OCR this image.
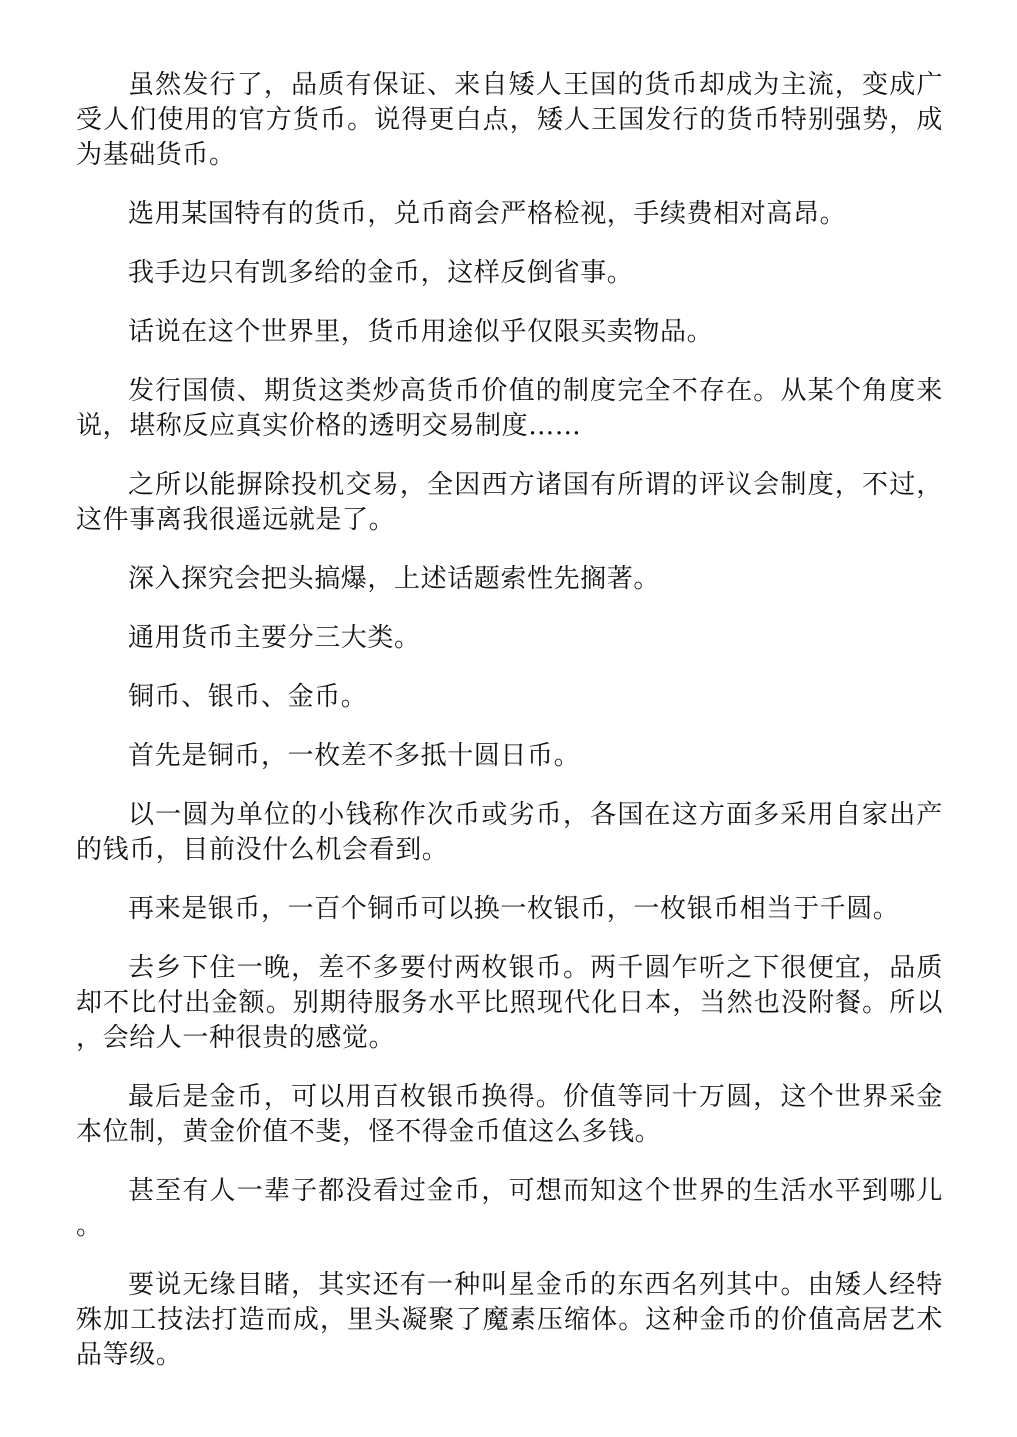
虽然发行了，品质有保证、来自矮人王国的货币却成为主流，变成广受人们使用的官方货币。说得更白点，矮人王国发行的货币特别强势，成为基础货币。

选用某国特有的货币，兑币商会严格检视，手续费相对高昂。

我手边只有凯多给的金币，这样反倒省事。

话说在这个世界里，货币用途似乎仅限买卖物品。

发行国债、期货这类炒高货币价值的制度完全不存在。从某个角度来说，堪称反应真实价格的透明交易制度……

之所以能摒除投机交易，全因西方诸国有所谓的评议会制度，不过，这件事离我很遥远就是了。

深入探究会把头搞爆，上述话题索性先搁著。

通用货币主要分三大类。

铜币、银币、金币。

首先是铜币，一枚差不多抵十圆日币。

以一圆为单位的小钱称作次币或劣币，各国在这方面多采用自家出产的钱币，目前没什么机会看到。

再来是银币，一百个铜币可以换一枚银币，一枚银币相当于千圆。

去乡下住一晚，差不多要付两枚银币。两千圆乍听之下很便宜，品质却不比付出金额。别期待服务水平比照现代化日本，当然也没附餐。所以，会给人一种很贵的感觉。

最后是金币，可以用百枚银币换得。价值等同十万圆，这个世界采金本位制，黄金价值不斐，怪不得金币值这么多钱。

甚至有人一辈子都没看过金币，可想而知这个世界的生活水平到哪儿。

要说无缘目睹，其实还有一种叫星金币的东西名列其中。由矮人经特殊加工技法打造而成，里头凝聚了魔素压缩体。这种金币的价值高居艺术品等级。
